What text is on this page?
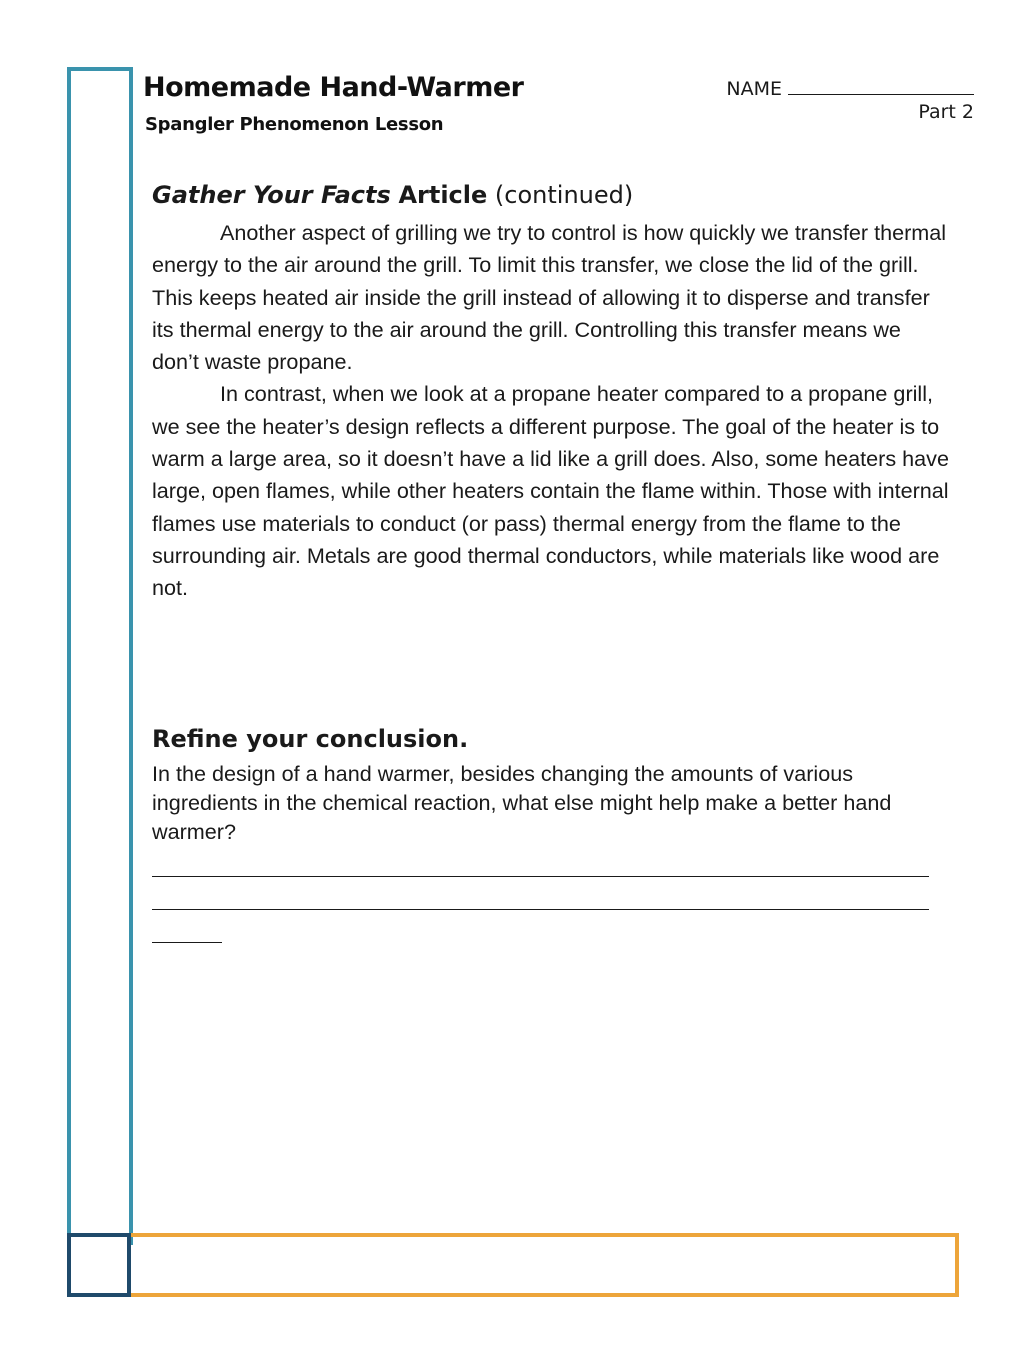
Homemade Hand-Warmer
Spangler Phenomenon Lesson
NAME
Part 2
Gather Your Facts Article (continued)

Another aspect of grilling we try to control is how quickly we transfer thermal energy to the air around the grill. To limit this transfer, we close the lid of the grill. This keeps heated air inside the grill instead of allowing it to disperse and transfer its thermal energy to the air around the grill. Controlling this transfer means we don’t waste propane.

In contrast, when we look at a propane heater compared to a propane grill, we see the heater’s design reflects a different purpose. The goal of the heater is to warm a large area, so it doesn’t have a lid like a grill does. Also, some heaters have large, open flames, while other heaters contain the flame within. Those with internal flames use materials to conduct (or pass) thermal energy from the flame to the surrounding air. Metals are good thermal conductors, while materials like wood are not.

Refine your conclusion.
In the design of a hand warmer, besides changing the amounts of various ingredients in the chemical reaction, what else might help make a better hand warmer?
